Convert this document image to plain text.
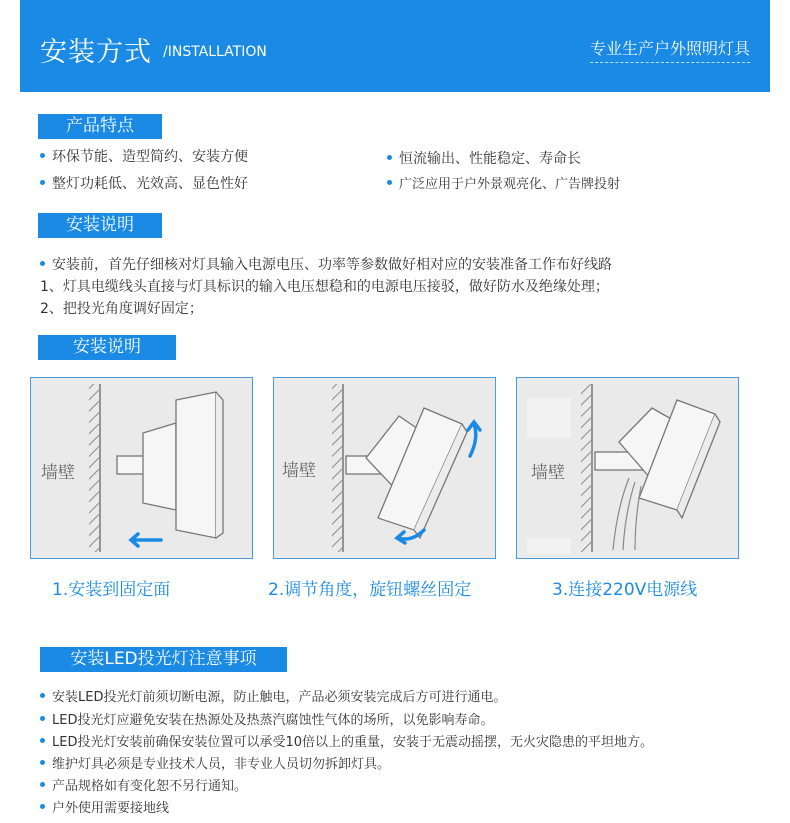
安装方式 /INSTALLATION	专业生产户外照明灯具
产品特点
环保节能、造型简约、安装方便
整灯功耗低、光效高、显色性好
恒流输出、性能稳定、寿命长
广泛应用于户外景观亮化、广告牌投射
安装说明
安装前，首先仔细核对灯具输入电源电压、功率等参数做好相对应的安装准备工作布好线路
1、灯具电缆线头直接与灯具标识的输入电压想稳和的电源电压接驳，做好防水及绝缘处理；
2、把投光角度调好固定；
安装说明
墙壁	墙壁	墙壁
1.安装到固定面	2.调节角度，旋钮螺丝固定	3.连接220V电源线
安装LED投光灯注意事项
安装LED投光灯前须切断电源，防止触电，产品必须安装完成后方可进行通电。
LED投光灯应避免安装在热源处及热蒸汽腐蚀性气体的场所，以免影响寿命。
LED投光灯安装前确保安装位置可以承受10倍以上的重量，安装于无震动摇摆，无火灾隐患的平坦地方。
维护灯具必须是专业技术人员，非专业人员切勿拆卸灯具。
产品规格如有变化恕不另行通知。
户外使用需要接地线
